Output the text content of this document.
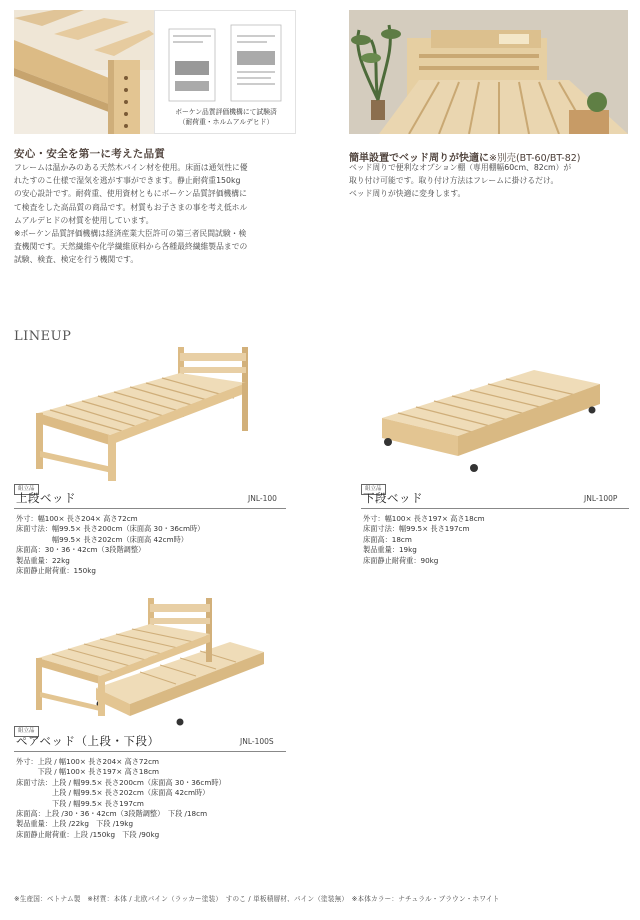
ボーケン品質評価機構にて試験済
（耐荷重・ホルムアルデヒド）
安心・安全を第一に考えた品質
フレームは温かみのある天然木パイン材を使用。床面は通気性に優
れたすのこ仕様で湿気を逃がす事ができます。静止耐荷重150kg
の安心設計です。耐荷重、使用資材ともにボーケン品質評価機構に
て検査をした高品質の商品です。材質もお子さまの事を考え低ホル
ムアルデヒドの材質を使用しています。
※ボーケン品質評価機構は経済産業大臣許可の第三者民間試験・検
査機関です。天然繊維や化学繊維原料から各種最終繊維製品までの
試験、検査、検定を行う機関です。
簡単設置でベッド周りが快適に※別売(BT-60/BT-82)
ベッド周りで便利なオプション棚（専用棚幅60cm、82cm）が
取り付け可能です。取り付け方法はフレームに掛けるだけ。
ベッド周りが快適に変身します。
LINEUP
組立品
上段ベッド	JNL-100
外寸：幅100× 長さ204× 高さ72cm
床面寸法：幅99.5× 長さ200cm（床面高 30・36cm時）
　　　　　幅99.5× 長さ202cm（床面高 42cm時）
床面高：30・36・42cm（3段階調整）
製品重量：22kg
床面静止耐荷重：150kg
組立品
下段ベッド	JNL-100P
外寸：幅100× 長さ197× 高さ18cm
床面寸法：幅99.5× 長さ197cm
床面高：18cm
製品重量：19kg
床面静止耐荷重：90kg
組立品
ペアベッド（上段・下段）	JNL-100S
外寸：上段 / 幅100× 長さ204× 高さ72cm
　　　下段 / 幅100× 長さ197× 高さ18cm
床面寸法：上段 / 幅99.5× 長さ200cm（床面高 30・36cm時）
　　　　　上段 / 幅99.5× 長さ202cm（床面高 42cm時）
　　　　　下段 / 幅99.5× 長さ197cm
床面高：上段 /30・36・42cm（3段階調整）　下段 /18cm
製品重量：上段 /22kg　下段 /19kg
床面静止耐荷重：上段 /150kg　下段 /90kg
※生産国：ベトナム製　※材質：本体 / 北欧パイン（ラッカー塗装）　すのこ / 単板積層材、パイン（塗装無）　※本体カラー：ナチュラル・ブラウン・ホワイト
